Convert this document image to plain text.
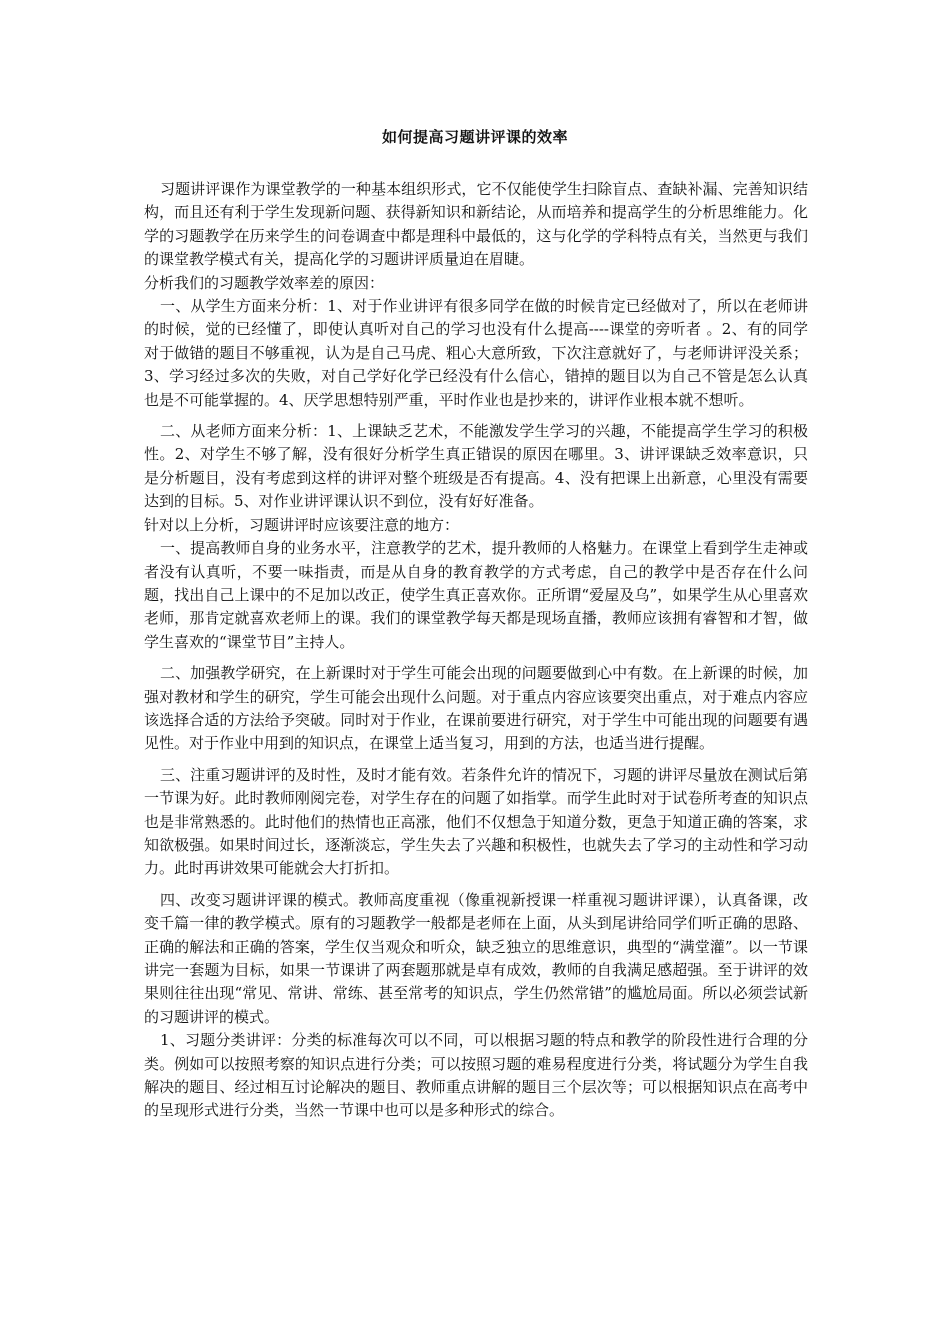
如何提高习题讲评课的效率

习题讲评课作为课堂教学的一种基本组织形式，它不仅能使学生扫除盲点、查缺补漏、完善知识结构，而且还有利于学生发现新问题、获得新知识和新结论，从而培养和提高学生的分析思维能力。化学的习题教学在历来学生的问卷调查中都是理科中最低的，这与化学的学科特点有关，当然更与我们的课堂教学模式有关，提高化学的习题讲评质量迫在眉睫。

分析我们的习题教学效率差的原因：

一、从学生方面来分析：1、对于作业讲评有很多同学在做的时候肯定已经做对了，所以在老师讲的时候，觉的已经懂了，即使认真听对自己的学习也没有什么提高----课堂的旁听者 。2、有的同学对于做错的题目不够重视，认为是自己马虎、粗心大意所致，下次注意就好了，与老师讲评没关系；3、学习经过多次的失败，对自己学好化学已经没有什么信心，错掉的题目以为自己不管是怎么认真也是不可能掌握的。4、厌学思想特别严重，平时作业也是抄来的，讲评作业根本就不想听。

二、从老师方面来分析：1、上课缺乏艺术，不能激发学生学习的兴趣，不能提高学生学习的积极性。2、对学生不够了解，没有很好分析学生真正错误的原因在哪里。3、讲评课缺乏效率意识，只是分析题目，没有考虑到这样的讲评对整个班级是否有提高。4、没有把课上出新意，心里没有需要达到的目标。5、对作业讲评课认识不到位，没有好好准备。

针对以上分析，习题讲评时应该要注意的地方：

一、提高教师自身的业务水平，注意教学的艺术，提升教师的人格魅力。在课堂上看到学生走神或者没有认真听，不要一味指责，而是从自身的教育教学的方式考虑，自己的教学中是否存在什么问题，找出自己上课中的不足加以改正，使学生真正喜欢你。正所谓“爱屋及乌”，如果学生从心里喜欢老师，那肯定就喜欢老师上的课。我们的课堂教学每天都是现场直播，教师应该拥有睿智和才智，做学生喜欢的“课堂节目”主持人。

二、加强教学研究，在上新课时对于学生可能会出现的问题要做到心中有数。在上新课的时候，加强对教材和学生的研究，学生可能会出现什么问题。对于重点内容应该要突出重点，对于难点内容应该选择合适的方法给予突破。同时对于作业，在课前要进行研究，对于学生中可能出现的问题要有遇见性。对于作业中用到的知识点，在课堂上适当复习，用到的方法，也适当进行提醒。

三、注重习题讲评的及时性，及时才能有效。若条件允许的情况下，习题的讲评尽量放在测试后第一节课为好。此时教师刚阅完卷，对学生存在的问题了如指掌。而学生此时对于试卷所考查的知识点也是非常熟悉的。此时他们的热情也正高涨，他们不仅想急于知道分数，更急于知道正确的答案，求知欲极强。如果时间过长，逐渐淡忘，学生失去了兴趣和积极性，也就失去了学习的主动性和学习动力。此时再讲效果可能就会大打折扣。

四、改变习题讲评课的模式。教师高度重视（像重视新授课一样重视习题讲评课），认真备课，改变千篇一律的教学模式。原有的习题教学一般都是老师在上面，从头到尾讲给同学们听正确的思路、正确的解法和正确的答案，学生仅当观众和听众，缺乏独立的思维意识，典型的“满堂灌”。以一节课讲完一套题为目标，如果一节课讲了两套题那就是卓有成效，教师的自我满足感超强。至于讲评的效果则往往出现“常见、常讲、常练、甚至常考的知识点，学生仍然常错”的尴尬局面。所以必须尝试新的习题讲评的模式。

1、习题分类讲评：分类的标准每次可以不同，可以根据习题的特点和教学的阶段性进行合理的分类。例如可以按照考察的知识点进行分类；可以按照习题的难易程度进行分类，将试题分为学生自我解决的题目、经过相互讨论解决的题目、教师重点讲解的题目三个层次等；可以根据知识点在高考中的呈现形式进行分类，当然一节课中也可以是多种形式的综合。
